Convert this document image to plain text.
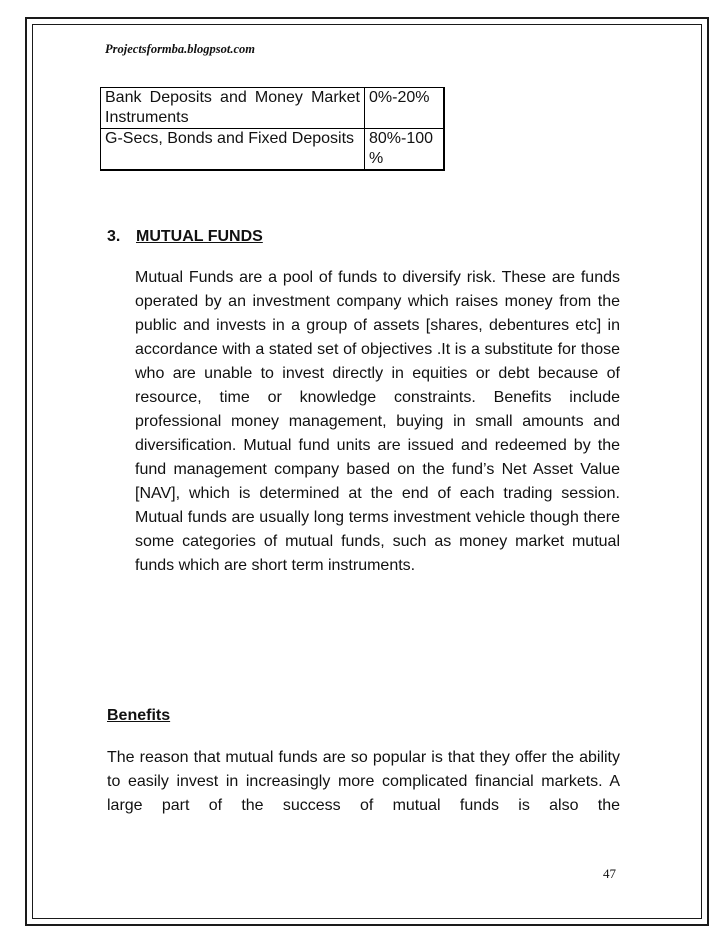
Projectsformba.blogpsot.com
Bank Deposits and Money Market Instruments	0%-20%
G-Secs, Bonds and Fixed Deposits	80%-100 %
3. MUTUAL FUNDS
Mutual Funds are a pool of funds to diversify risk. These are funds operated by an investment company which raises money from the public and invests in a group of assets [shares, debentures etc] in accordance with a stated set of objectives .It is a substitute for those who are unable to invest directly in equities or debt because of resource, time or knowledge constraints. Benefits include professional money management, buying in small amounts and diversification. Mutual fund units are issued and redeemed by the fund management company based on the fund’s Net Asset Value [NAV], which is determined at the end of each trading session. Mutual funds are usually long terms investment vehicle though there some categories of mutual funds, such as money market mutual funds which are short term instruments.
Benefits
The reason that mutual funds are so popular is that they offer the ability to easily invest in increasingly more complicated financial markets. A large part of the success of mutual funds is also the
47
